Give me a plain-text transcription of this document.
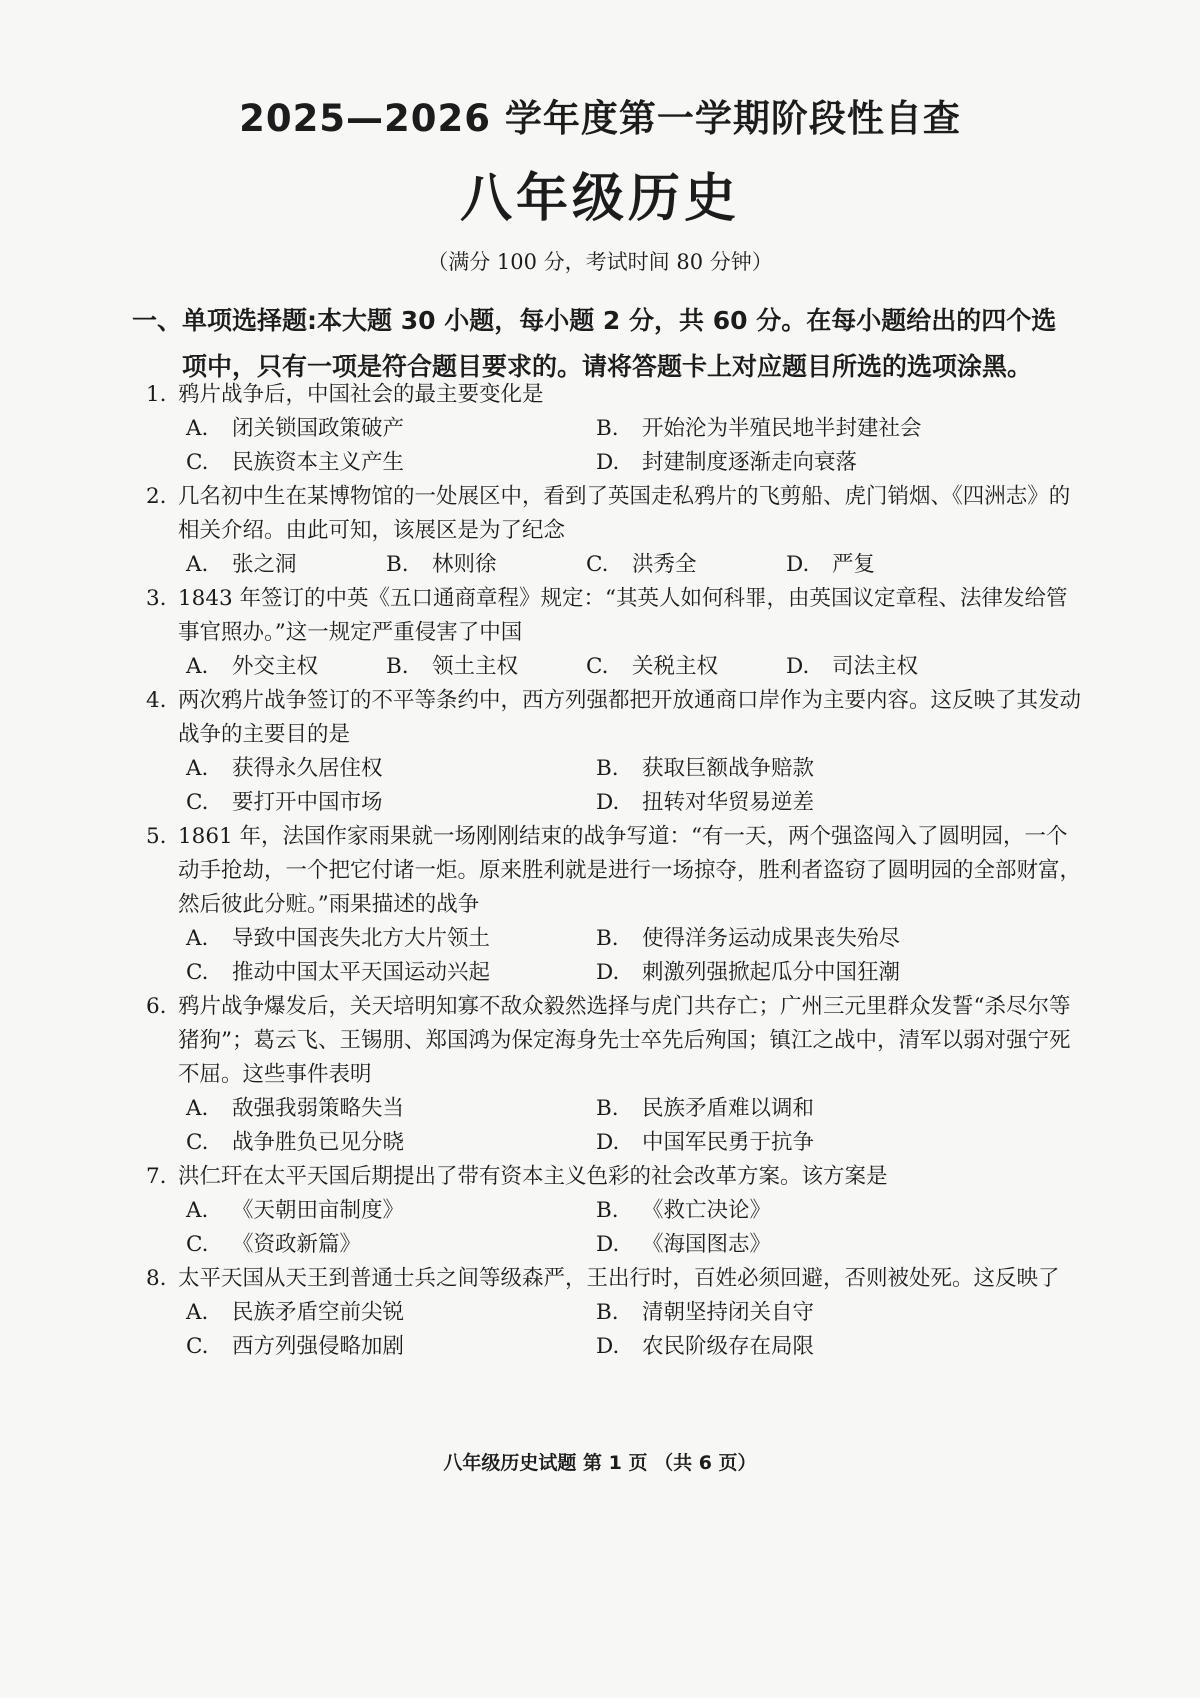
2025—2026 学年度第一学期阶段性自查
八年级历史
（满分 100 分，考试时间 80 分钟）
一、单项选择题:本大题 30 小题，每小题 2 分，共 60 分。在每小题给出的四个选
项中，只有一项是符合题目要求的。请将答题卡上对应题目所选的选项涂黑。
1. 鸦片战争后，中国社会的最主要变化是
A. 闭关锁国政策破产	B. 开始沦为半殖民地半封建社会
C. 民族资本主义产生	D. 封建制度逐渐走向衰落
2. 几名初中生在某博物馆的一处展区中，看到了英国走私鸦片的飞剪船、虎门销烟、《四洲志》的相关介绍。由此可知，该展区是为了纪念
A. 张之洞	B. 林则徐	C. 洪秀全	D. 严复
3. 1843 年签订的中英《五口通商章程》规定：“其英人如何科罪，由英国议定章程、法律发给管事官照办。”这一规定严重侵害了中国
A. 外交主权	B. 领土主权	C. 关税主权	D. 司法主权
4. 两次鸦片战争签订的不平等条约中，西方列强都把开放通商口岸作为主要内容。这反映了其发动战争的主要目的是
A. 获得永久居住权	B. 获取巨额战争赔款
C. 要打开中国市场	D. 扭转对华贸易逆差
5. 1861 年，法国作家雨果就一场刚刚结束的战争写道：“有一天，两个强盗闯入了圆明园，一个动手抢劫，一个把它付诸一炬。原来胜利就是进行一场掠夺，胜利者盗窃了圆明园的全部财富，然后彼此分赃。”雨果描述的战争
A. 导致中国丧失北方大片领土	B. 使得洋务运动成果丧失殆尽
C. 推动中国太平天国运动兴起	D. 刺激列强掀起瓜分中国狂潮
6. 鸦片战争爆发后，关天培明知寡不敌众毅然选择与虎门共存亡；广州三元里群众发誓“杀尽尔等猪狗”；葛云飞、王锡朋、郑国鸿为保定海身先士卒先后殉国；镇江之战中，清军以弱对强宁死不屈。这些事件表明
A. 敌强我弱策略失当	B. 民族矛盾难以调和
C. 战争胜负已见分晓	D. 中国军民勇于抗争
7. 洪仁玕在太平天国后期提出了带有资本主义色彩的社会改革方案。该方案是
A. 《天朝田亩制度》	B. 《救亡决论》
C. 《资政新篇》	D. 《海国图志》
8. 太平天国从天王到普通士兵之间等级森严，王出行时，百姓必须回避，否则被处死。这反映了
A. 民族矛盾空前尖锐	B. 清朝坚持闭关自守
C. 西方列强侵略加剧	D. 农民阶级存在局限
八年级历史试题 第 1 页 （共 6 页）
